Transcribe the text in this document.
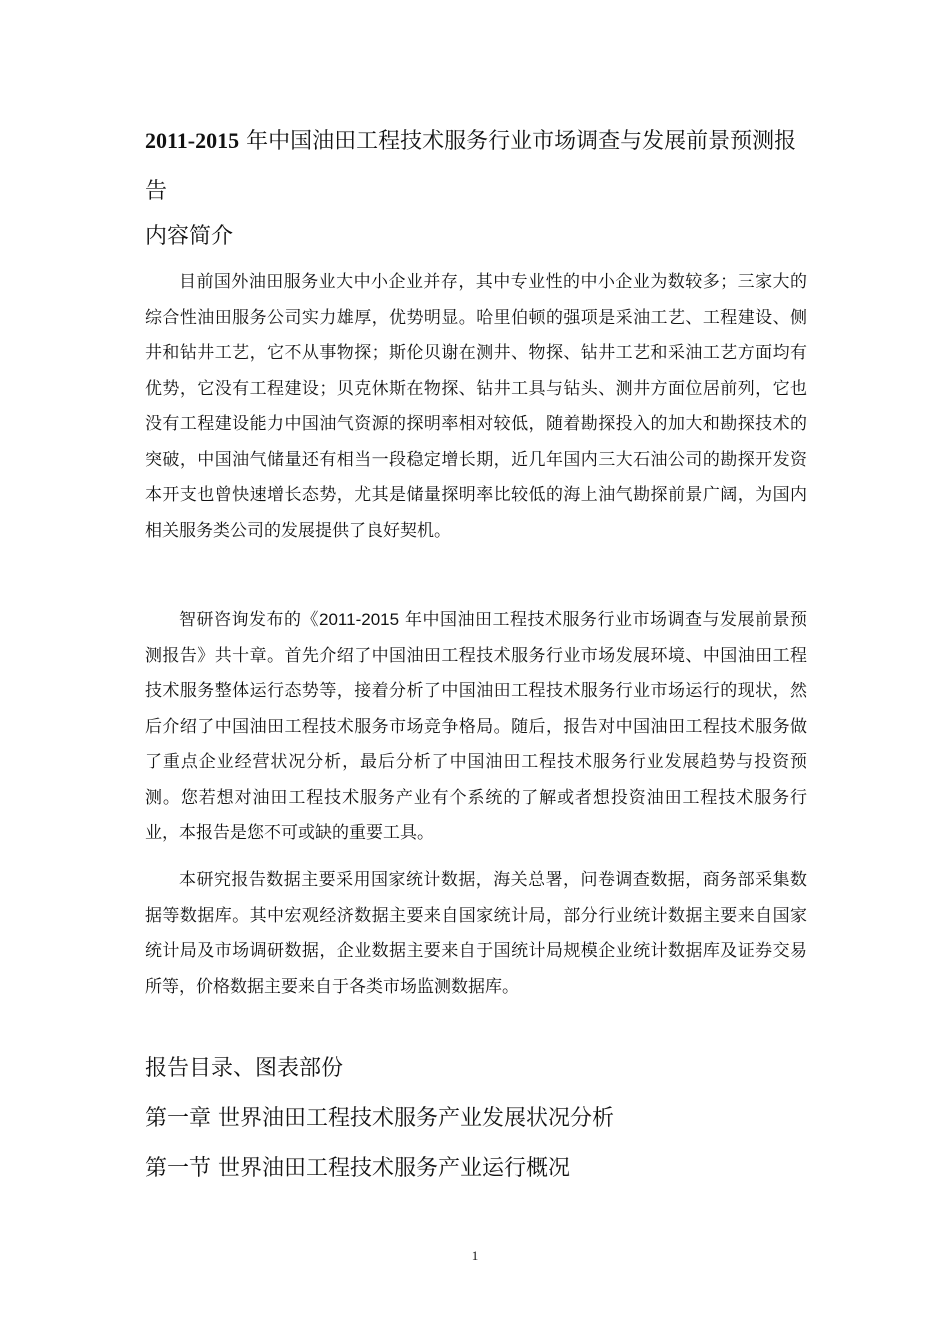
2011-2015 年中国油田工程技术服务行业市场调查与发展前景预测报告
内容简介

目前国外油田服务业大中小企业并存，其中专业性的中小企业为数较多；三家大的综合性油田服务公司实力雄厚，优势明显。哈里伯顿的强项是采油工艺、工程建设、侧井和钻井工艺，它不从事物探；斯伦贝谢在测井、物探、钻井工艺和采油工艺方面均有优势，它没有工程建设；贝克休斯在物探、钻井工具与钻头、测井方面位居前列，它也没有工程建设能力中国油气资源的探明率相对较低，随着勘探投入的加大和勘探技术的突破，中国油气储量还有相当一段稳定增长期，近几年国内三大石油公司的勘探开发资本开支也曾快速增长态势，尤其是储量探明率比较低的海上油气勘探前景广阔，为国内相关服务类公司的发展提供了良好契机。

智研咨询发布的《2011-2015 年中国油田工程技术服务行业市场调查与发展前景预测报告》共十章。首先介绍了中国油田工程技术服务行业市场发展环境、中国油田工程技术服务整体运行态势等，接着分析了中国油田工程技术服务行业市场运行的现状，然后介绍了中国油田工程技术服务市场竞争格局。随后，报告对中国油田工程技术服务做了重点企业经营状况分析，最后分析了中国油田工程技术服务行业发展趋势与投资预测。您若想对油田工程技术服务产业有个系统的了解或者想投资油田工程技术服务行业，本报告是您不可或缺的重要工具。

本研究报告数据主要采用国家统计数据，海关总署，问卷调查数据，商务部采集数据等数据库。其中宏观经济数据主要来自国家统计局，部分行业统计数据主要来自国家统计局及市场调研数据，企业数据主要来自于国统计局规模企业统计数据库及证券交易所等，价格数据主要来自于各类市场监测数据库。

报告目录、图表部份
第一章 世界油田工程技术服务产业发展状况分析
第一节 世界油田工程技术服务产业运行概况
1
